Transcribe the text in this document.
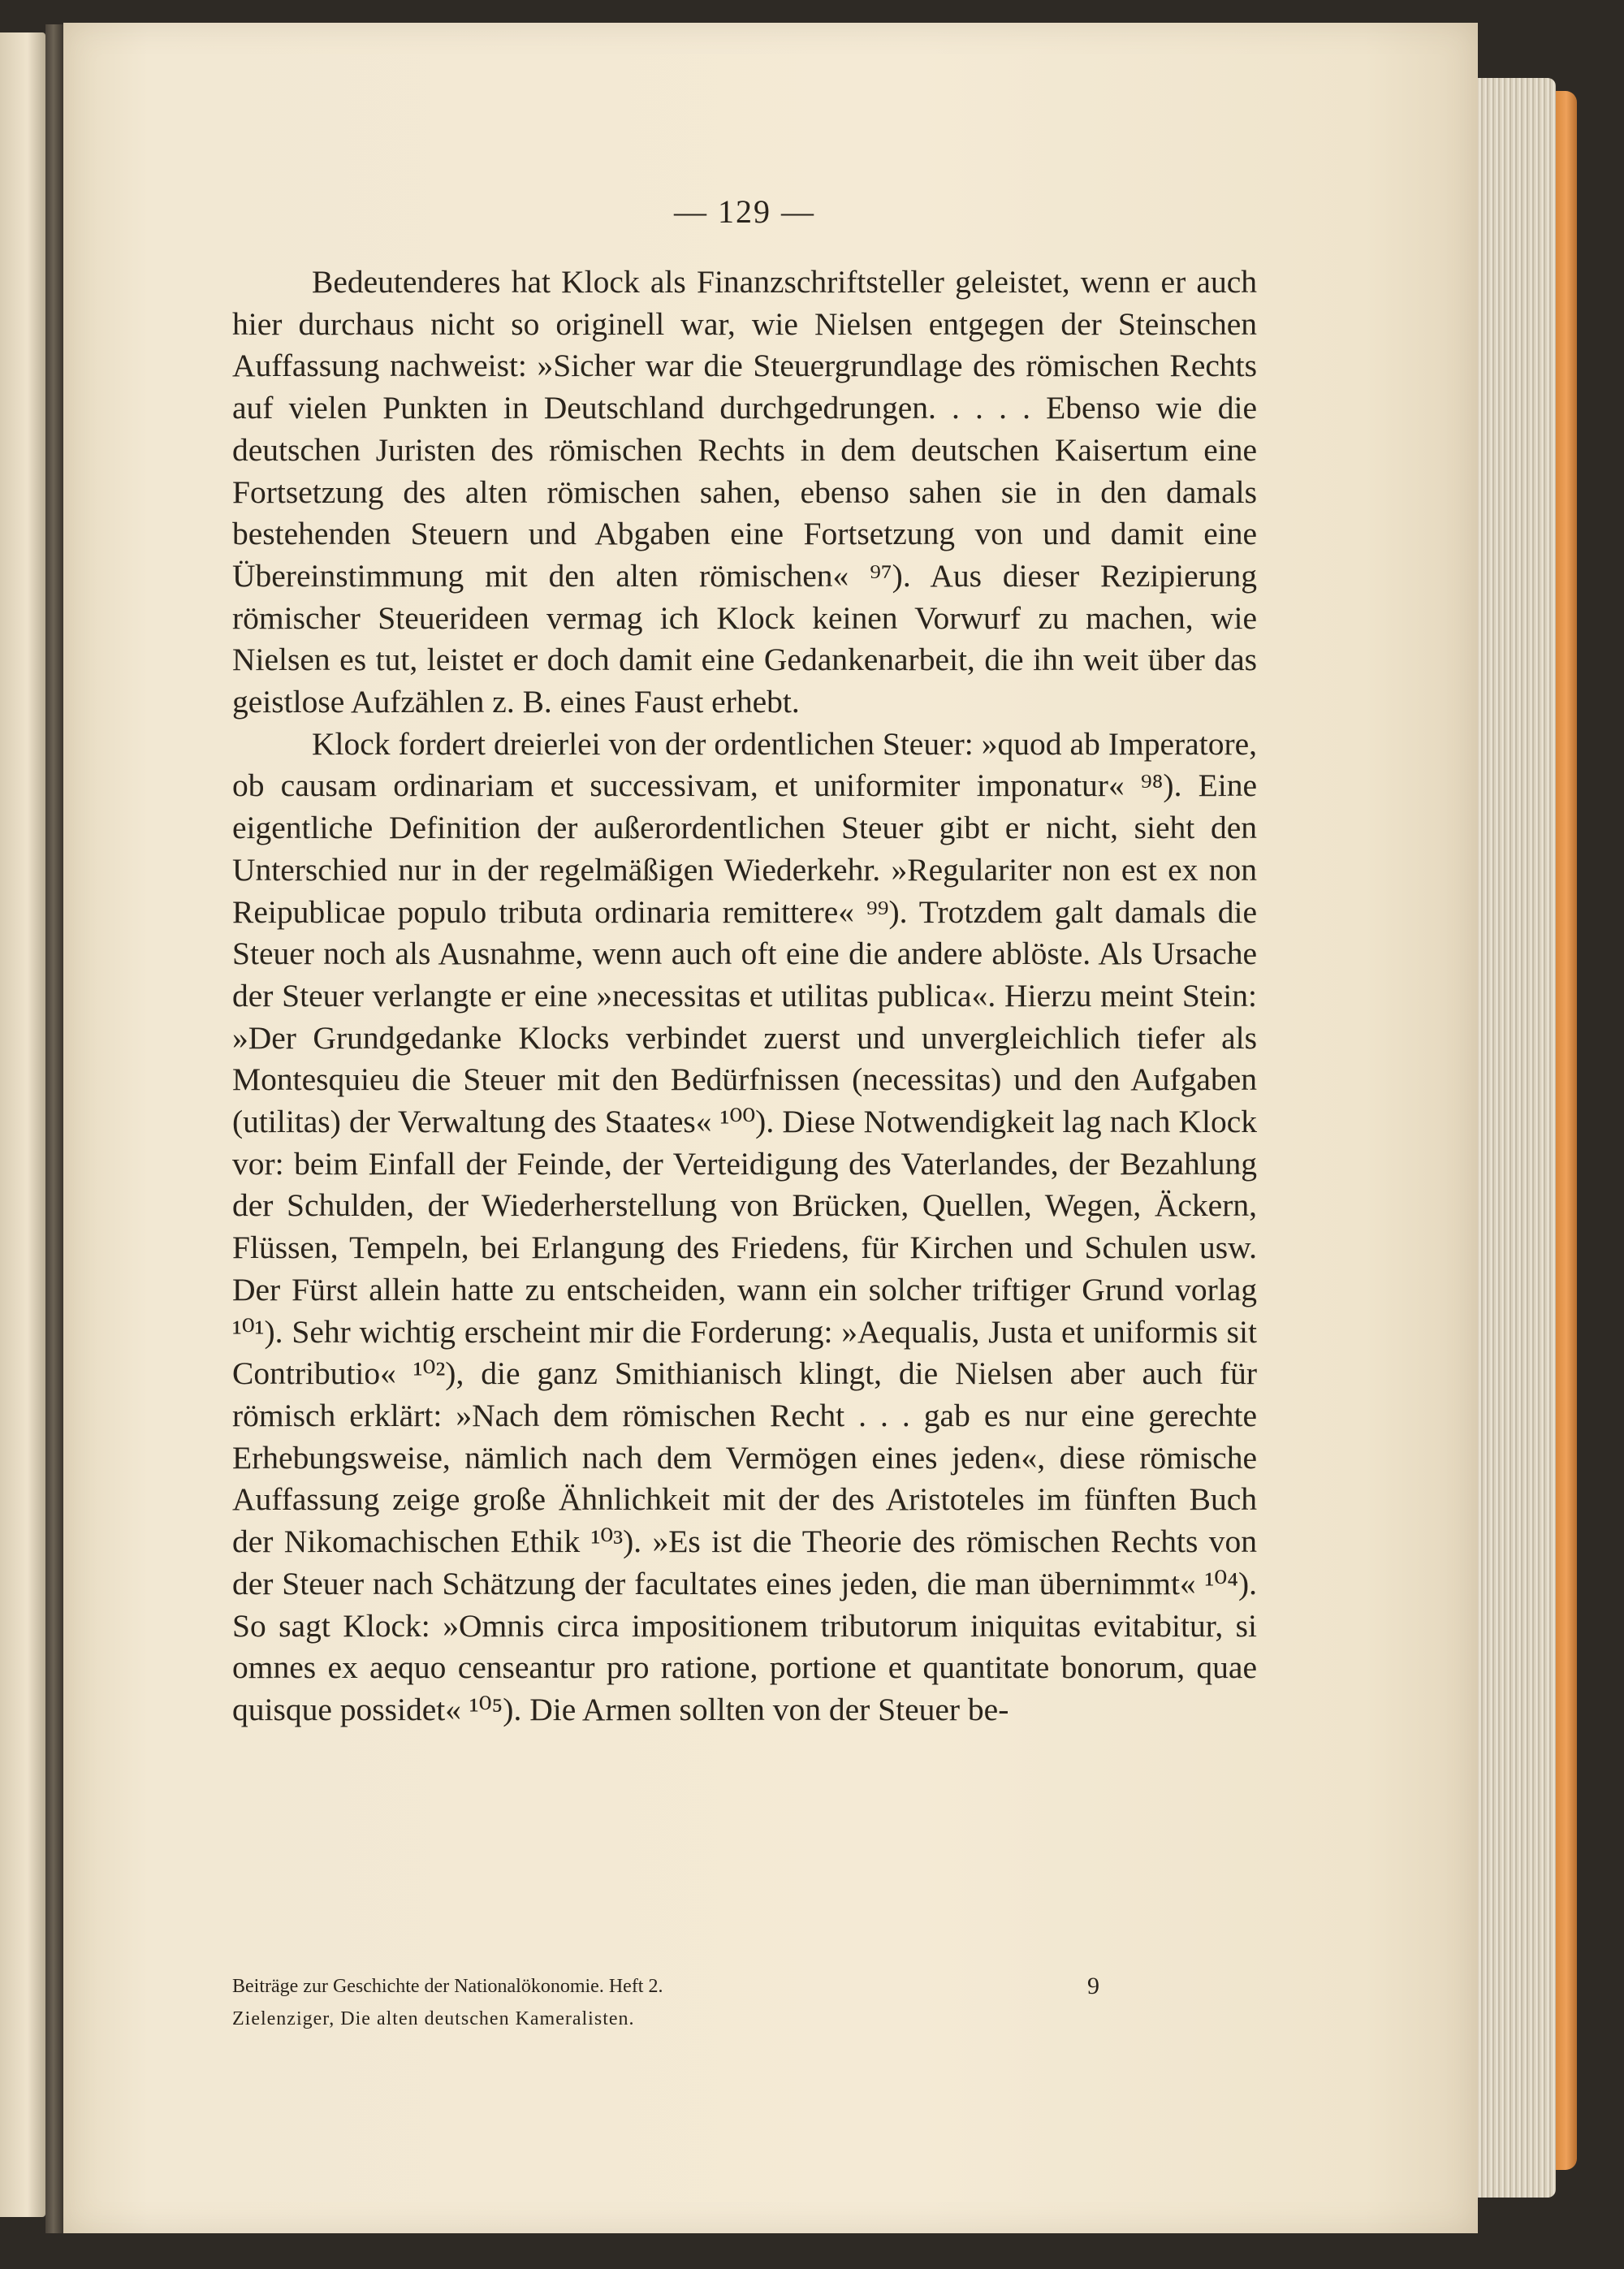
— 129 —

Bedeutenderes hat Klock als Finanzschriftsteller geleistet, wenn er auch hier durchaus nicht so originell war, wie Nielsen entgegen der Steinschen Auffassung nachweist: »Sicher war die Steuergrundlage des römischen Rechts auf vielen Punkten in Deutschland durchgedrungen. . . . . Ebenso wie die deutschen Juristen des römischen Rechts in dem deutschen Kaisertum eine Fortsetzung des alten römischen sahen, ebenso sahen sie in den damals bestehenden Steuern und Abgaben eine Fortsetzung von und damit eine Übereinstimmung mit den alten römischen« ⁹⁷). Aus dieser Rezipierung römischer Steuerideen vermag ich Klock keinen Vorwurf zu machen, wie Nielsen es tut, leistet er doch damit eine Gedankenarbeit, die ihn weit über das geistlose Aufzählen z. B. eines Faust erhebt.

Klock fordert dreierlei von der ordentlichen Steuer: »quod ab Imperatore, ob causam ordinariam et successivam, et uniformiter imponatur« ⁹⁸). Eine eigentliche Definition der außerordentlichen Steuer gibt er nicht, sieht den Unterschied nur in der regelmäßigen Wiederkehr. »Regulariter non est ex non Reipublicae populo tributa ordinaria remittere« ⁹⁹). Trotzdem galt damals die Steuer noch als Ausnahme, wenn auch oft eine die andere ablöste. Als Ursache der Steuer verlangte er eine »necessitas et utilitas publica«. Hierzu meint Stein: »Der Grundgedanke Klocks verbindet zuerst und unvergleichlich tiefer als Montesquieu die Steuer mit den Bedürfnissen (necessitas) und den Aufgaben (utilitas) der Verwaltung des Staates« ¹⁰⁰). Diese Notwendigkeit lag nach Klock vor: beim Einfall der Feinde, der Verteidigung des Vaterlandes, der Bezahlung der Schulden, der Wiederherstellung von Brücken, Quellen, Wegen, Äckern, Flüssen, Tempeln, bei Erlangung des Friedens, für Kirchen und Schulen usw. Der Fürst allein hatte zu entscheiden, wann ein solcher triftiger Grund vorlag ¹⁰¹). Sehr wichtig erscheint mir die Forderung: »Aequalis, Justa et uniformis sit Contributio« ¹⁰²), die ganz Smithianisch klingt, die Nielsen aber auch für römisch erklärt: »Nach dem römischen Recht . . . gab es nur eine gerechte Erhebungsweise, nämlich nach dem Vermögen eines jeden«, diese römische Auffassung zeige große Ähnlichkeit mit der des Aristoteles im fünften Buch der Nikomachischen Ethik ¹⁰³). »Es ist die Theorie des römischen Rechts von der Steuer nach Schätzung der facultates eines jeden, die man übernimmt« ¹⁰⁴). So sagt Klock: »Omnis circa impositionem tributorum iniquitas evitabitur, si omnes ex aequo censeantur pro ratione, portione et quantitate bonorum, quae quisque possidet« ¹⁰⁵). Die Armen sollten von der Steuer be-

Beiträge zur Geschichte der Nationalökonomie. Heft 2.	9
Zielenziger, Die alten deutschen Kameralisten.
